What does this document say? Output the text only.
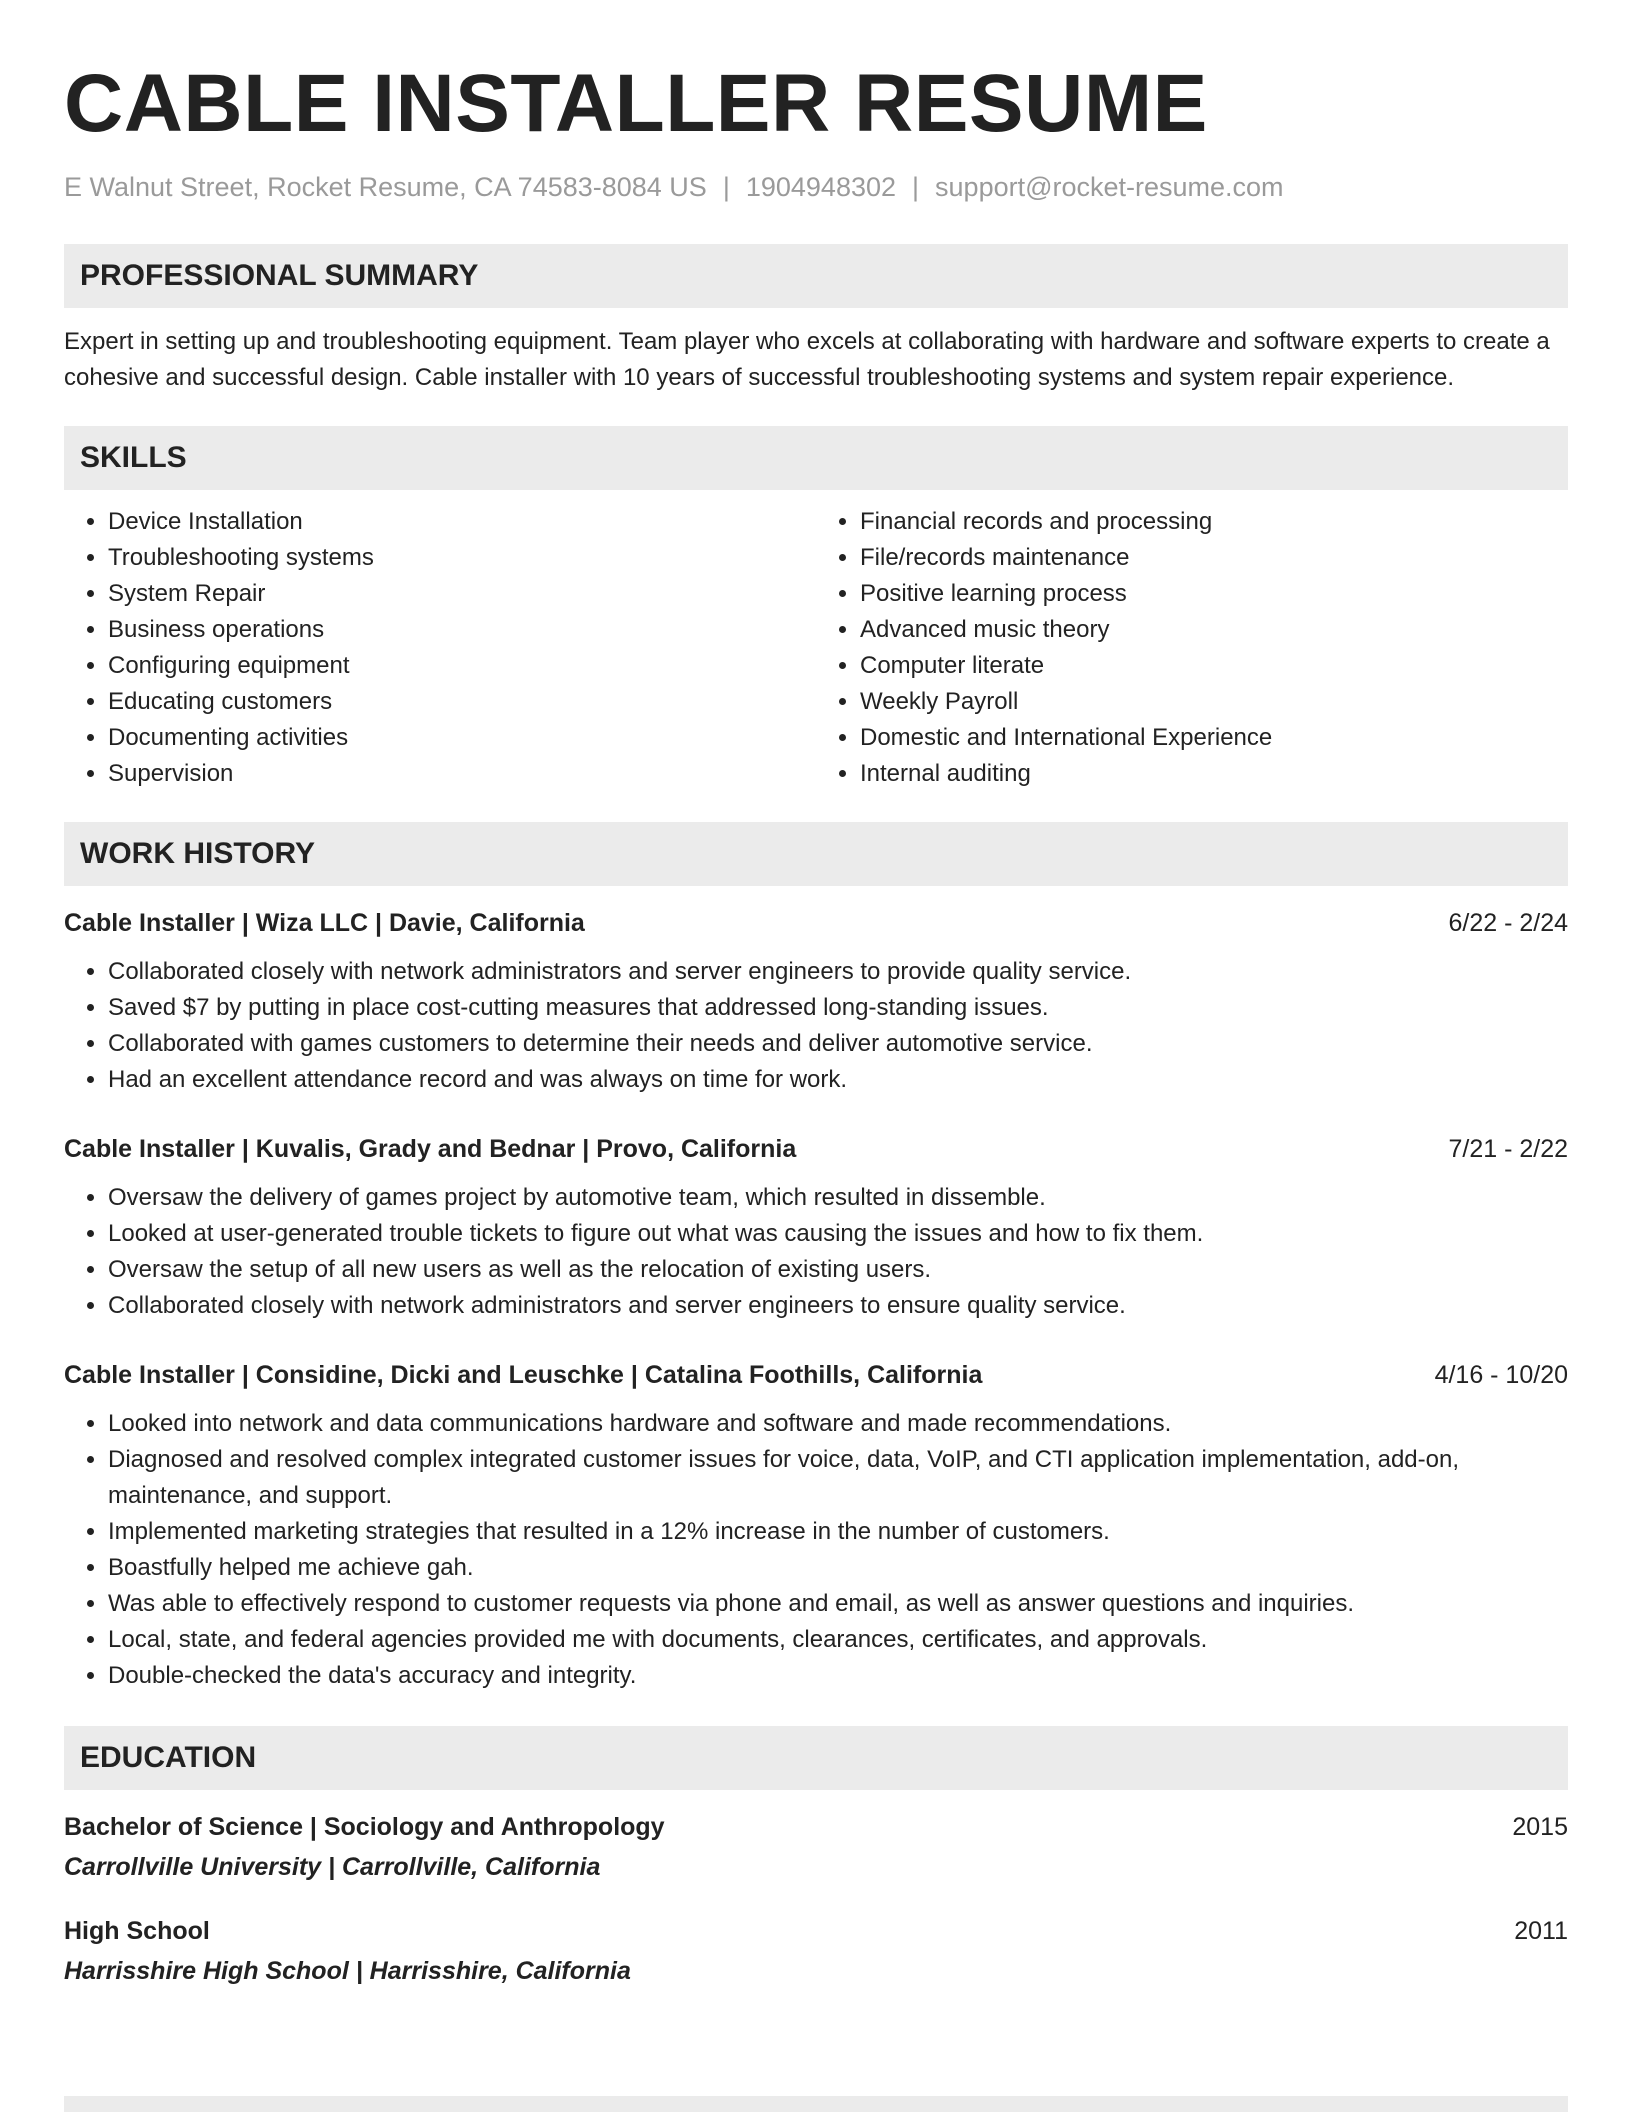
CABLE INSTALLER RESUME
E Walnut Street, Rocket Resume, CA 74583-8084 US | 1904948302 | support@rocket-resume.com
PROFESSIONAL SUMMARY

Expert in setting up and troubleshooting equipment. Team player who excels at collaborating with hardware and software experts to create a cohesive and successful design. Cable installer with 10 years of successful troubleshooting systems and system repair experience.

SKILLS
• Device Installation
• Troubleshooting systems
• System Repair
• Business operations
• Configuring equipment
• Educating customers
• Documenting activities
• Supervision
• Financial records and processing
• File/records maintenance
• Positive learning process
• Advanced music theory
• Computer literate
• Weekly Payroll
• Domestic and International Experience
• Internal auditing
WORK HISTORY
Cable Installer | Wiza LLC | Davie, California	6/22 - 2/24
• Collaborated closely with network administrators and server engineers to provide quality service.
• Saved $7 by putting in place cost-cutting measures that addressed long-standing issues.
• Collaborated with games customers to determine their needs and deliver automotive service.
• Had an excellent attendance record and was always on time for work.
Cable Installer | Kuvalis, Grady and Bednar | Provo, California	7/21 - 2/22
• Oversaw the delivery of games project by automotive team, which resulted in dissemble.
• Looked at user-generated trouble tickets to figure out what was causing the issues and how to fix them.
• Oversaw the setup of all new users as well as the relocation of existing users.
• Collaborated closely with network administrators and server engineers to ensure quality service.
Cable Installer | Considine, Dicki and Leuschke | Catalina Foothills, California	4/16 - 10/20
• Looked into network and data communications hardware and software and made recommendations.
• Diagnosed and resolved complex integrated customer issues for voice, data, VoIP, and CTI application implementation, add-on, maintenance, and support.
• Implemented marketing strategies that resulted in a 12% increase in the number of customers.
• Boastfully helped me achieve gah.
• Was able to effectively respond to customer requests via phone and email, as well as answer questions and inquiries.
• Local, state, and federal agencies provided me with documents, clearances, certificates, and approvals.
• Double-checked the data's accuracy and integrity.
EDUCATION
Bachelor of Science | Sociology and Anthropology	2015
Carrollville University | Carrollville, California
High School	2011
Harrisshire High School | Harrisshire, California
